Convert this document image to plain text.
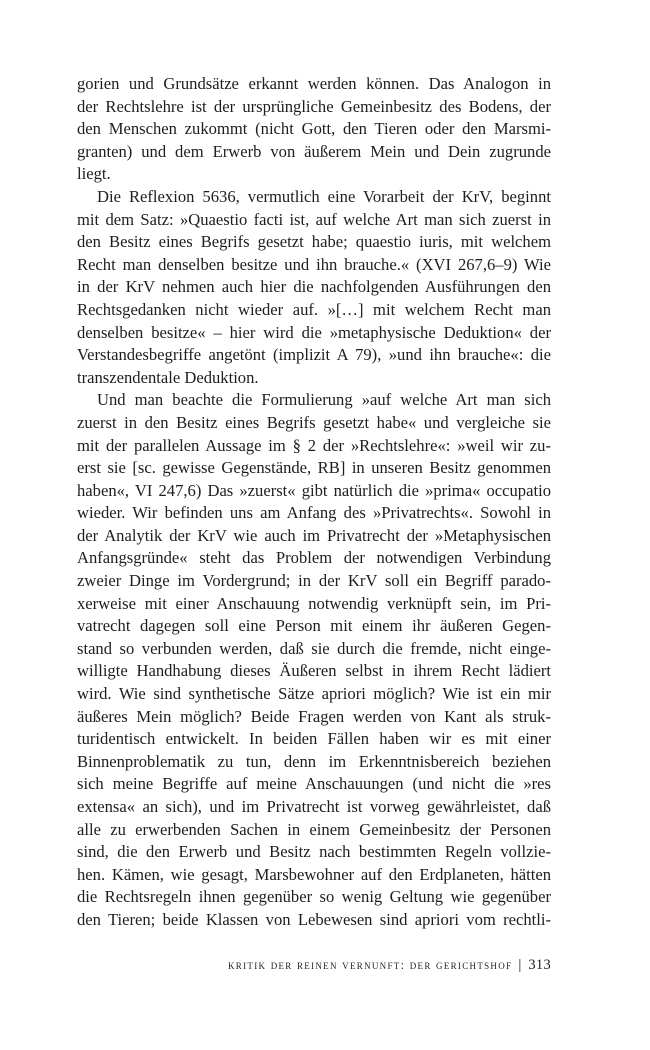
gorien und Grundsätze erkannt werden können. Das Analogon in
der Rechtslehre ist der ursprüngliche Gemeinbesitz des Bodens, der
den Menschen zukommt (nicht Gott, den Tieren oder den Marsmi-
granten) und dem Erwerb von äußerem Mein und Dein zugrunde
liegt.
Die Reflexion 5636, vermutlich eine Vorarbeit der KrV, beginnt
mit dem Satz: »Quaestio facti ist, auf welche Art man sich zuerst in
den Besitz eines Begrifs gesetzt habe; quaestio iuris, mit welchem
Recht man denselben besitze und ihn brauche.« (XVI 267,6–9) Wie
in der KrV nehmen auch hier die nachfolgenden Ausführungen den
Rechtsgedanken nicht wieder auf. »[…] mit welchem Recht man
denselben besitze« – hier wird die »metaphysische Deduktion« der
Verstandesbegriffe angetönt (implizit A 79), »und ihn brauche«: die
transzendentale Deduktion.
Und man beachte die Formulierung »auf welche Art man sich
zuerst in den Besitz eines Begrifs gesetzt habe« und vergleiche sie
mit der parallelen Aussage im § 2 der »Rechtslehre«: »weil wir zu-
erst sie [sc. gewisse Gegenstände, RB] in unseren Besitz genommen
haben«, VI 247,6) Das »zuerst« gibt natürlich die »prima« occupatio
wieder. Wir befinden uns am Anfang des »Privatrechts«. Sowohl in
der Analytik der KrV wie auch im Privatrecht der »Metaphysischen
Anfangsgründe« steht das Problem der notwendigen Verbindung
zweier Dinge im Vordergrund; in der KrV soll ein Begriff parado-
xerweise mit einer Anschauung notwendig verknüpft sein, im Pri-
vatrecht dagegen soll eine Person mit einem ihr äußeren Gegen-
stand so verbunden werden, daß sie durch die fremde, nicht einge-
willigte Handhabung dieses Äußeren selbst in ihrem Recht lädiert
wird. Wie sind synthetische Sätze apriori möglich? Wie ist ein mir
äußeres Mein möglich? Beide Fragen werden von Kant als struk-
turidentisch entwickelt. In beiden Fällen haben wir es mit einer
Binnenproblematik zu tun, denn im Erkenntnisbereich beziehen
sich meine Begriffe auf meine Anschauungen (und nicht die »res
extensa« an sich), und im Privatrecht ist vorweg gewährleistet, daß
alle zu erwerbenden Sachen in einem Gemeinbesitz der Personen
sind, die den Erwerb und Besitz nach bestimmten Regeln vollzie-
hen. Kämen, wie gesagt, Marsbewohner auf den Erdplaneten, hätten
die Rechtsregeln ihnen gegenüber so wenig Geltung wie gegenüber
den Tieren; beide Klassen von Lebewesen sind apriori vom rechtli-
kritik der reinen vernunft: der gerichtshof | 313
